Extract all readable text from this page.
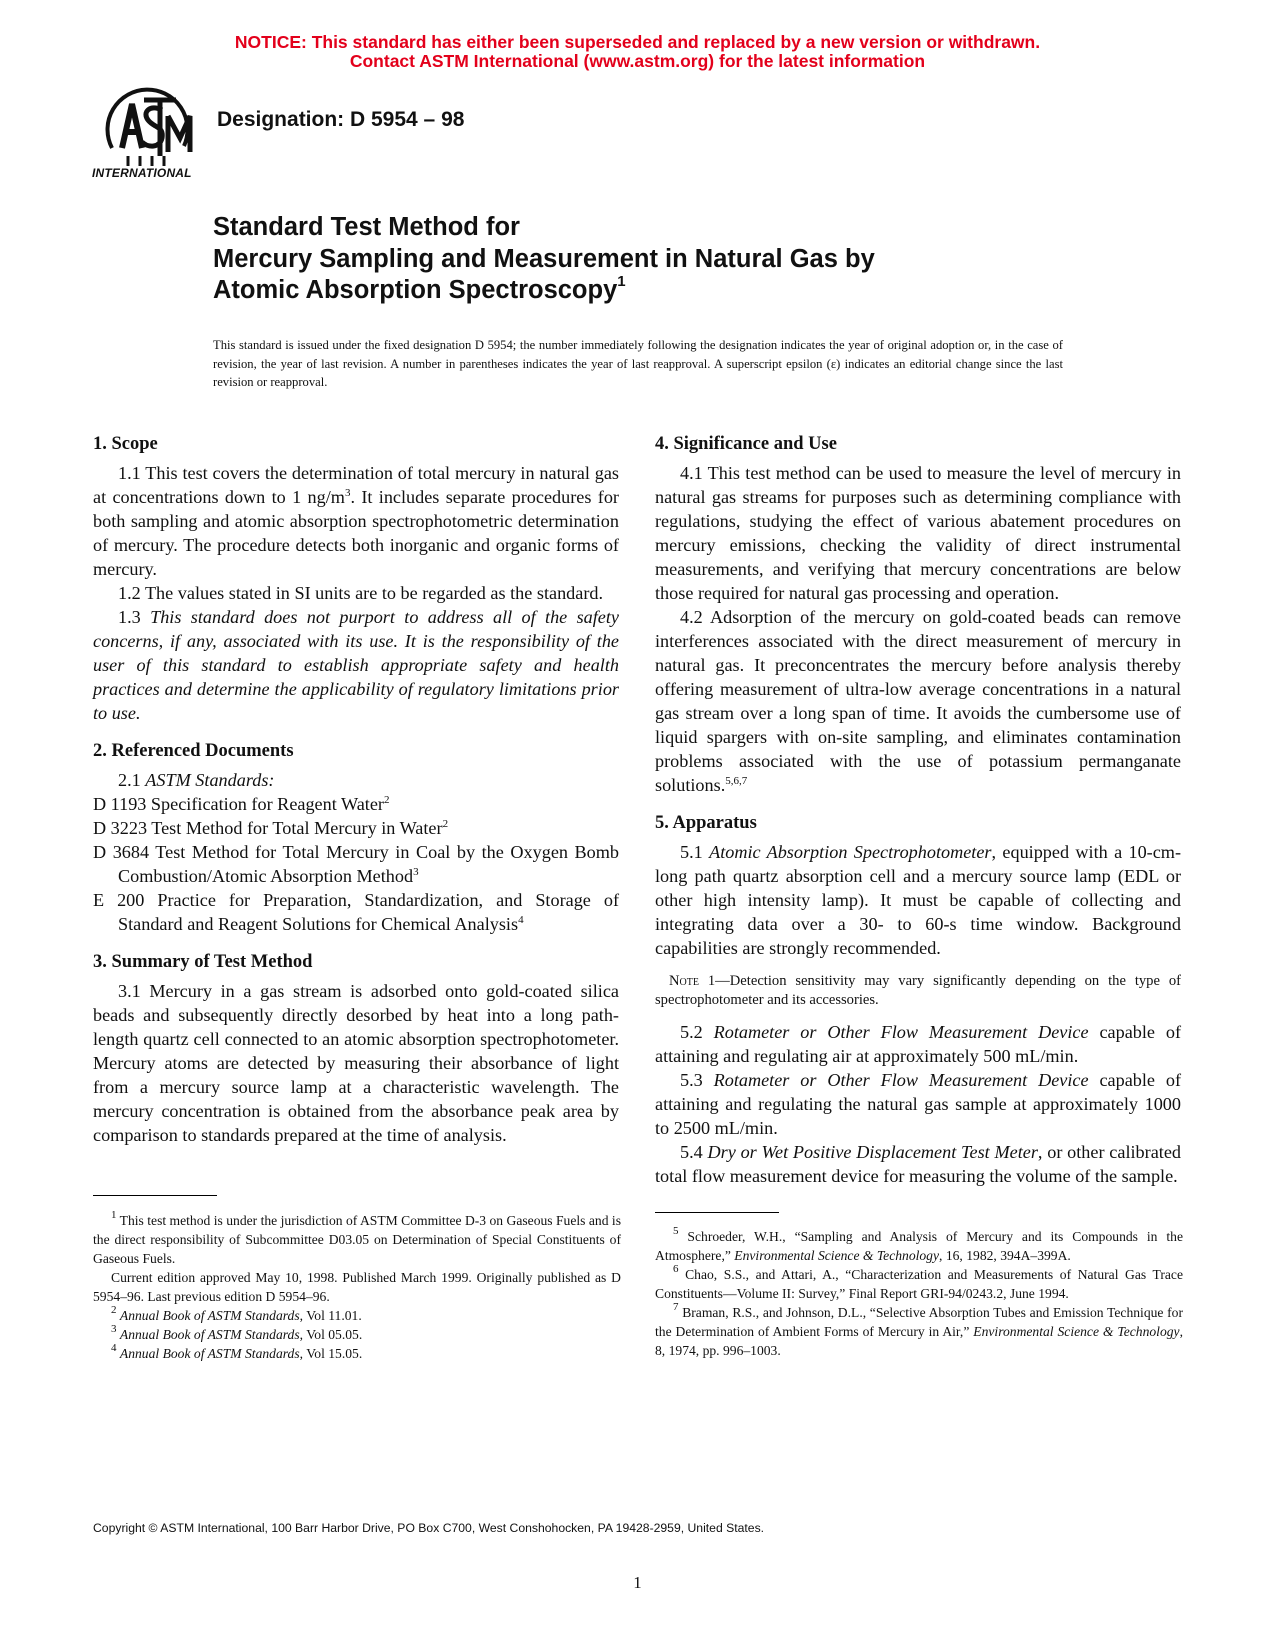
NOTICE: This standard has either been superseded and replaced by a new version or withdrawn.
Contact ASTM International (www.astm.org) for the latest information
INTERNATIONAL
Designation: D 5954 – 98
Standard Test Method for
Mercury Sampling and Measurement in Natural Gas by
Atomic Absorption Spectroscopy$^1$
This standard is issued under the fixed designation D 5954; the number immediately following the designation indicates the year of original adoption or, in the case of revision, the year of last revision. A number in parentheses indicates the year of last reapproval. A superscript epsilon (ε) indicates an editorial change since the last revision or reapproval.
1. Scope

1.1 This test covers the determination of total mercury in natural gas at concentrations down to 1 $ng/m^3$. It includes separate procedures for both sampling and atomic absorption spectrophotometric determination of mercury. The procedure detects both inorganic and organic forms of mercury.

1.2 The values stated in SI units are to be regarded as the standard.

1.3 This standard does not purport to address all of the safety concerns, if any, associated with its use. It is the responsibility of the user of this standard to establish appropriate safety and health practices and determine the applicability of regulatory limitations prior to use.

2. Referenced Documents

2.1 ASTM Standards:

D 1193 Specification for Reagent Water$^2$

D 3223 Test Method for Total Mercury in Water$^2$

D 3684 Test Method for Total Mercury in Coal by the Oxygen Bomb Combustion/Atomic Absorption Method$^3$

E 200 Practice for Preparation, Standardization, and Storage of Standard and Reagent Solutions for Chemical Analysis$^4$

3. Summary of Test Method

3.1 Mercury in a gas stream is adsorbed onto gold-coated silica beads and subsequently directly desorbed by heat into a long path-length quartz cell connected to an atomic absorption spectrophotometer. Mercury atoms are detected by measuring their absorbance of light from a mercury source lamp at a characteristic wavelength. The mercury concentration is obtained from the absorbance peak area by comparison to standards prepared at the time of analysis.

4. Significance and Use

4.1 This test method can be used to measure the level of mercury in natural gas streams for purposes such as determining compliance with regulations, studying the effect of various abatement procedures on mercury emissions, checking the validity of direct instrumental measurements, and verifying that mercury concentrations are below those required for natural gas processing and operation.

4.2 Adsorption of the mercury on gold-coated beads can remove interferences associated with the direct measurement of mercury in natural gas. It preconcentrates the mercury before analysis thereby offering measurement of ultra-low average concentrations in a natural gas stream over a long span of time. It avoids the cumbersome use of liquid spargers with on-site sampling, and eliminates contamination problems associated with the use of potassium permanganate solutions.$^{5,6,7}$

5. Apparatus

5.1 Atomic Absorption Spectrophotometer, equipped with a 10-cm-long path quartz absorption cell and a mercury source lamp (EDL or other high intensity lamp). It must be capable of collecting and integrating data over a 30- to 60-s time window. Background capabilities are strongly recommended.

Note 1—Detection sensitivity may vary significantly depending on the type of spectrophotometer and its accessories.

5.2 Rotameter or Other Flow Measurement Device capable of attaining and regulating air at approximately 500 mL/min.

5.3 Rotameter or Other Flow Measurement Device capable of attaining and regulating the natural gas sample at approximately 1000 to 2500 mL/min.

5.4 Dry or Wet Positive Displacement Test Meter, or other calibrated total flow measurement device for measuring the volume of the sample.

$^1$ This test method is under the jurisdiction of ASTM Committee D-3 on Gaseous Fuels and is the direct responsibility of Subcommittee D03.05 on Determination of Special Constituents of Gaseous Fuels.

Current edition approved May 10, 1998. Published March 1999. Originally published as D 5954–96. Last previous edition D 5954–96.

$^2$ Annual Book of ASTM Standards, Vol 11.01.

$^3$ Annual Book of ASTM Standards, Vol 05.05.

$^4$ Annual Book of ASTM Standards, Vol 15.05.

$^5$ Schroeder, W.H., “Sampling and Analysis of Mercury and its Compounds in the Atmosphere,” Environmental Science & Technology, 16, 1982, 394A–399A.

$^6$ Chao, S.S., and Attari, A., “Characterization and Measurements of Natural Gas Trace Constituents—Volume II: Survey,” Final Report GRI-94/0243.2, June 1994.

$^7$ Braman, R.S., and Johnson, D.L., “Selective Absorption Tubes and Emission Technique for the Determination of Ambient Forms of Mercury in Air,” Environmental Science & Technology, 8, 1974, pp. 996–1003.

Copyright © ASTM International, 100 Barr Harbor Drive, PO Box C700, West Conshohocken, PA 19428-2959, United States.
1
